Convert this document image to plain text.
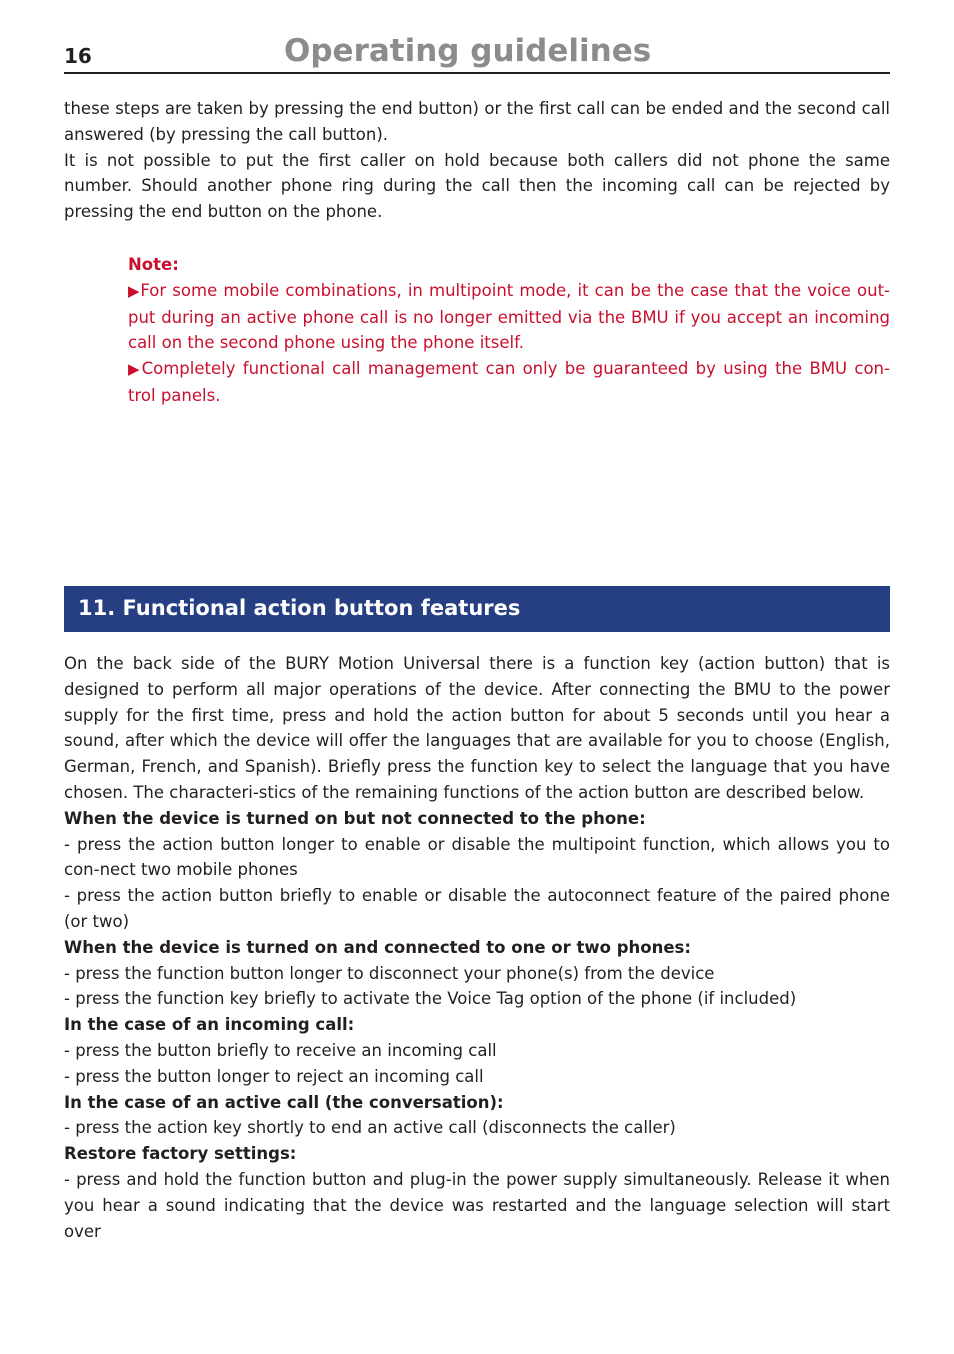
16	Operating guidelines

these steps are taken by pressing the end button) or the first call can be ended and the second call answered (by pressing the call button).

It is not possible to put the first caller on hold because both callers did not phone the same number. Should another phone ring during the call then the incoming call can be rejected by pressing the end button on the phone.

Note:

▶For some mobile combinations, in multipoint mode, it can be the case that the voice out-put during an active phone call is no longer emitted via the BMU if you accept an incoming call on the second phone using the phone itself.

▶Completely functional call management can only be guaranteed by using the BMU con-trol panels.

11. Functional action button features

On the back side of the BURY Motion Universal there is a function key (action button) that is designed to perform all major operations of the device. After connecting the BMU to the power supply for the first time, press and hold the action button for about 5 seconds until you hear a sound, after which the device will offer the languages that are available for you to choose (English, German, French, and Spanish). Briefly press the function key to select the language that you have chosen. The characteri-stics of the remaining functions of the action button are described below.

When the device is turned on but not connected to the phone:

- press the action button longer to enable or disable the multipoint function, which allows you to con-nect two mobile phones

- press the action button briefly to enable or disable the autoconnect feature of the paired phone (or two)

When the device is turned on and connected to one or two phones:

- press the function button longer to disconnect your phone(s) from the device

- press the function key briefly to activate the Voice Tag option of the phone (if included)

In the case of an incoming call:

- press the button briefly to receive an incoming call

- press the button longer to reject an incoming call

In the case of an active call (the conversation):

- press the action key shortly to end an active call (disconnects the caller)

Restore factory settings:

- press and hold the function button and plug-in the power supply simultaneously. Release it when you hear a sound indicating that the device was restarted and the language selection will start over
